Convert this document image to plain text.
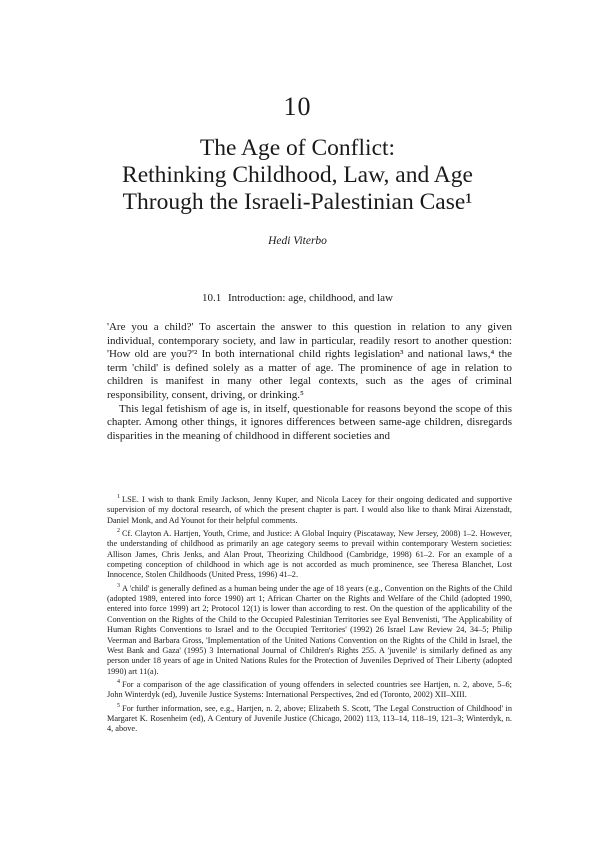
10
The Age of Conflict:
Rethinking Childhood, Law, and Age
Through the Israeli-Palestinian Case¹
Hedi Viterbo
10.1 Introduction: age, childhood, and law

'Are you a child?' To ascertain the answer to this question in relation to any given individual, contemporary society, and law in particular, readily resort to another question: 'How old are you?'² In both international child rights legislation³ and national laws,⁴ the term 'child' is defined solely as a matter of age. The prominence of age in relation to children is manifest in many other legal contexts, such as the ages of criminal responsibility, consent, driving, or drinking.⁵

This legal fetishism of age is, in itself, questionable for reasons beyond the scope of this chapter. Among other things, it ignores differences between same-age children, disregards disparities in the meaning of childhood in different societies and

$^1$ LSE. I wish to thank Emily Jackson, Jenny Kuper, and Nicola Lacey for their ongoing dedicated and supportive supervision of my doctoral research, of which the present chapter is part. I would also like to thank Mirai Aizenstadt, Daniel Monk, and Ad Younot for their helpful comments.

$^2$ Cf. Clayton A. Hartjen, Youth, Crime, and Justice: A Global Inquiry (Piscataway, New Jersey, 2008) 1–2. However, the understanding of childhood as primarily an age category seems to prevail within contemporary Western societies: Allison James, Chris Jenks, and Alan Prout, Theorizing Childhood (Cambridge, 1998) 61–2. For an example of a competing conception of childhood in which age is not accorded as much prominence, see Theresa Blanchet, Lost Innocence, Stolen Childhoods (United Press, 1996) 41–2.

$^3$ A 'child' is generally defined as a human being under the age of 18 years (e.g., Convention on the Rights of the Child (adopted 1989, entered into force 1990) art 1; African Charter on the Rights and Welfare of the Child (adopted 1990, entered into force 1999) art 2; Protocol 12(1) is lower than according to rest. On the question of the applicability of the Convention on the Rights of the Child to the Occupied Palestinian Territories see Eyal Benvenisti, 'The Applicability of Human Rights Conventions to Israel and to the Occupied Territories' (1992) 26 Israel Law Review 24, 34–5; Philip Veerman and Barbara Gross, 'Implementation of the United Nations Convention on the Rights of the Child in Israel, the West Bank and Gaza' (1995) 3 International Journal of Children's Rights 255. A 'juvenile' is similarly defined as any person under 18 years of age in United Nations Rules for the Protection of Juveniles Deprived of Their Liberty (adopted 1990) art 11(a).

$^4$ For a comparison of the age classification of young offenders in selected countries see Hartjen, n. 2, above, 5–6; John Winterdyk (ed), Juvenile Justice Systems: International Perspectives, 2nd ed (Toronto, 2002) XII–XIII.

$^5$ For further information, see, e.g., Hartjen, n. 2, above; Elizabeth S. Scott, 'The Legal Construction of Childhood' in Margaret K. Rosenheim (ed), A Century of Juvenile Justice (Chicago, 2002) 113, 113–14, 118–19, 121–3; Winterdyk, n. 4, above.
